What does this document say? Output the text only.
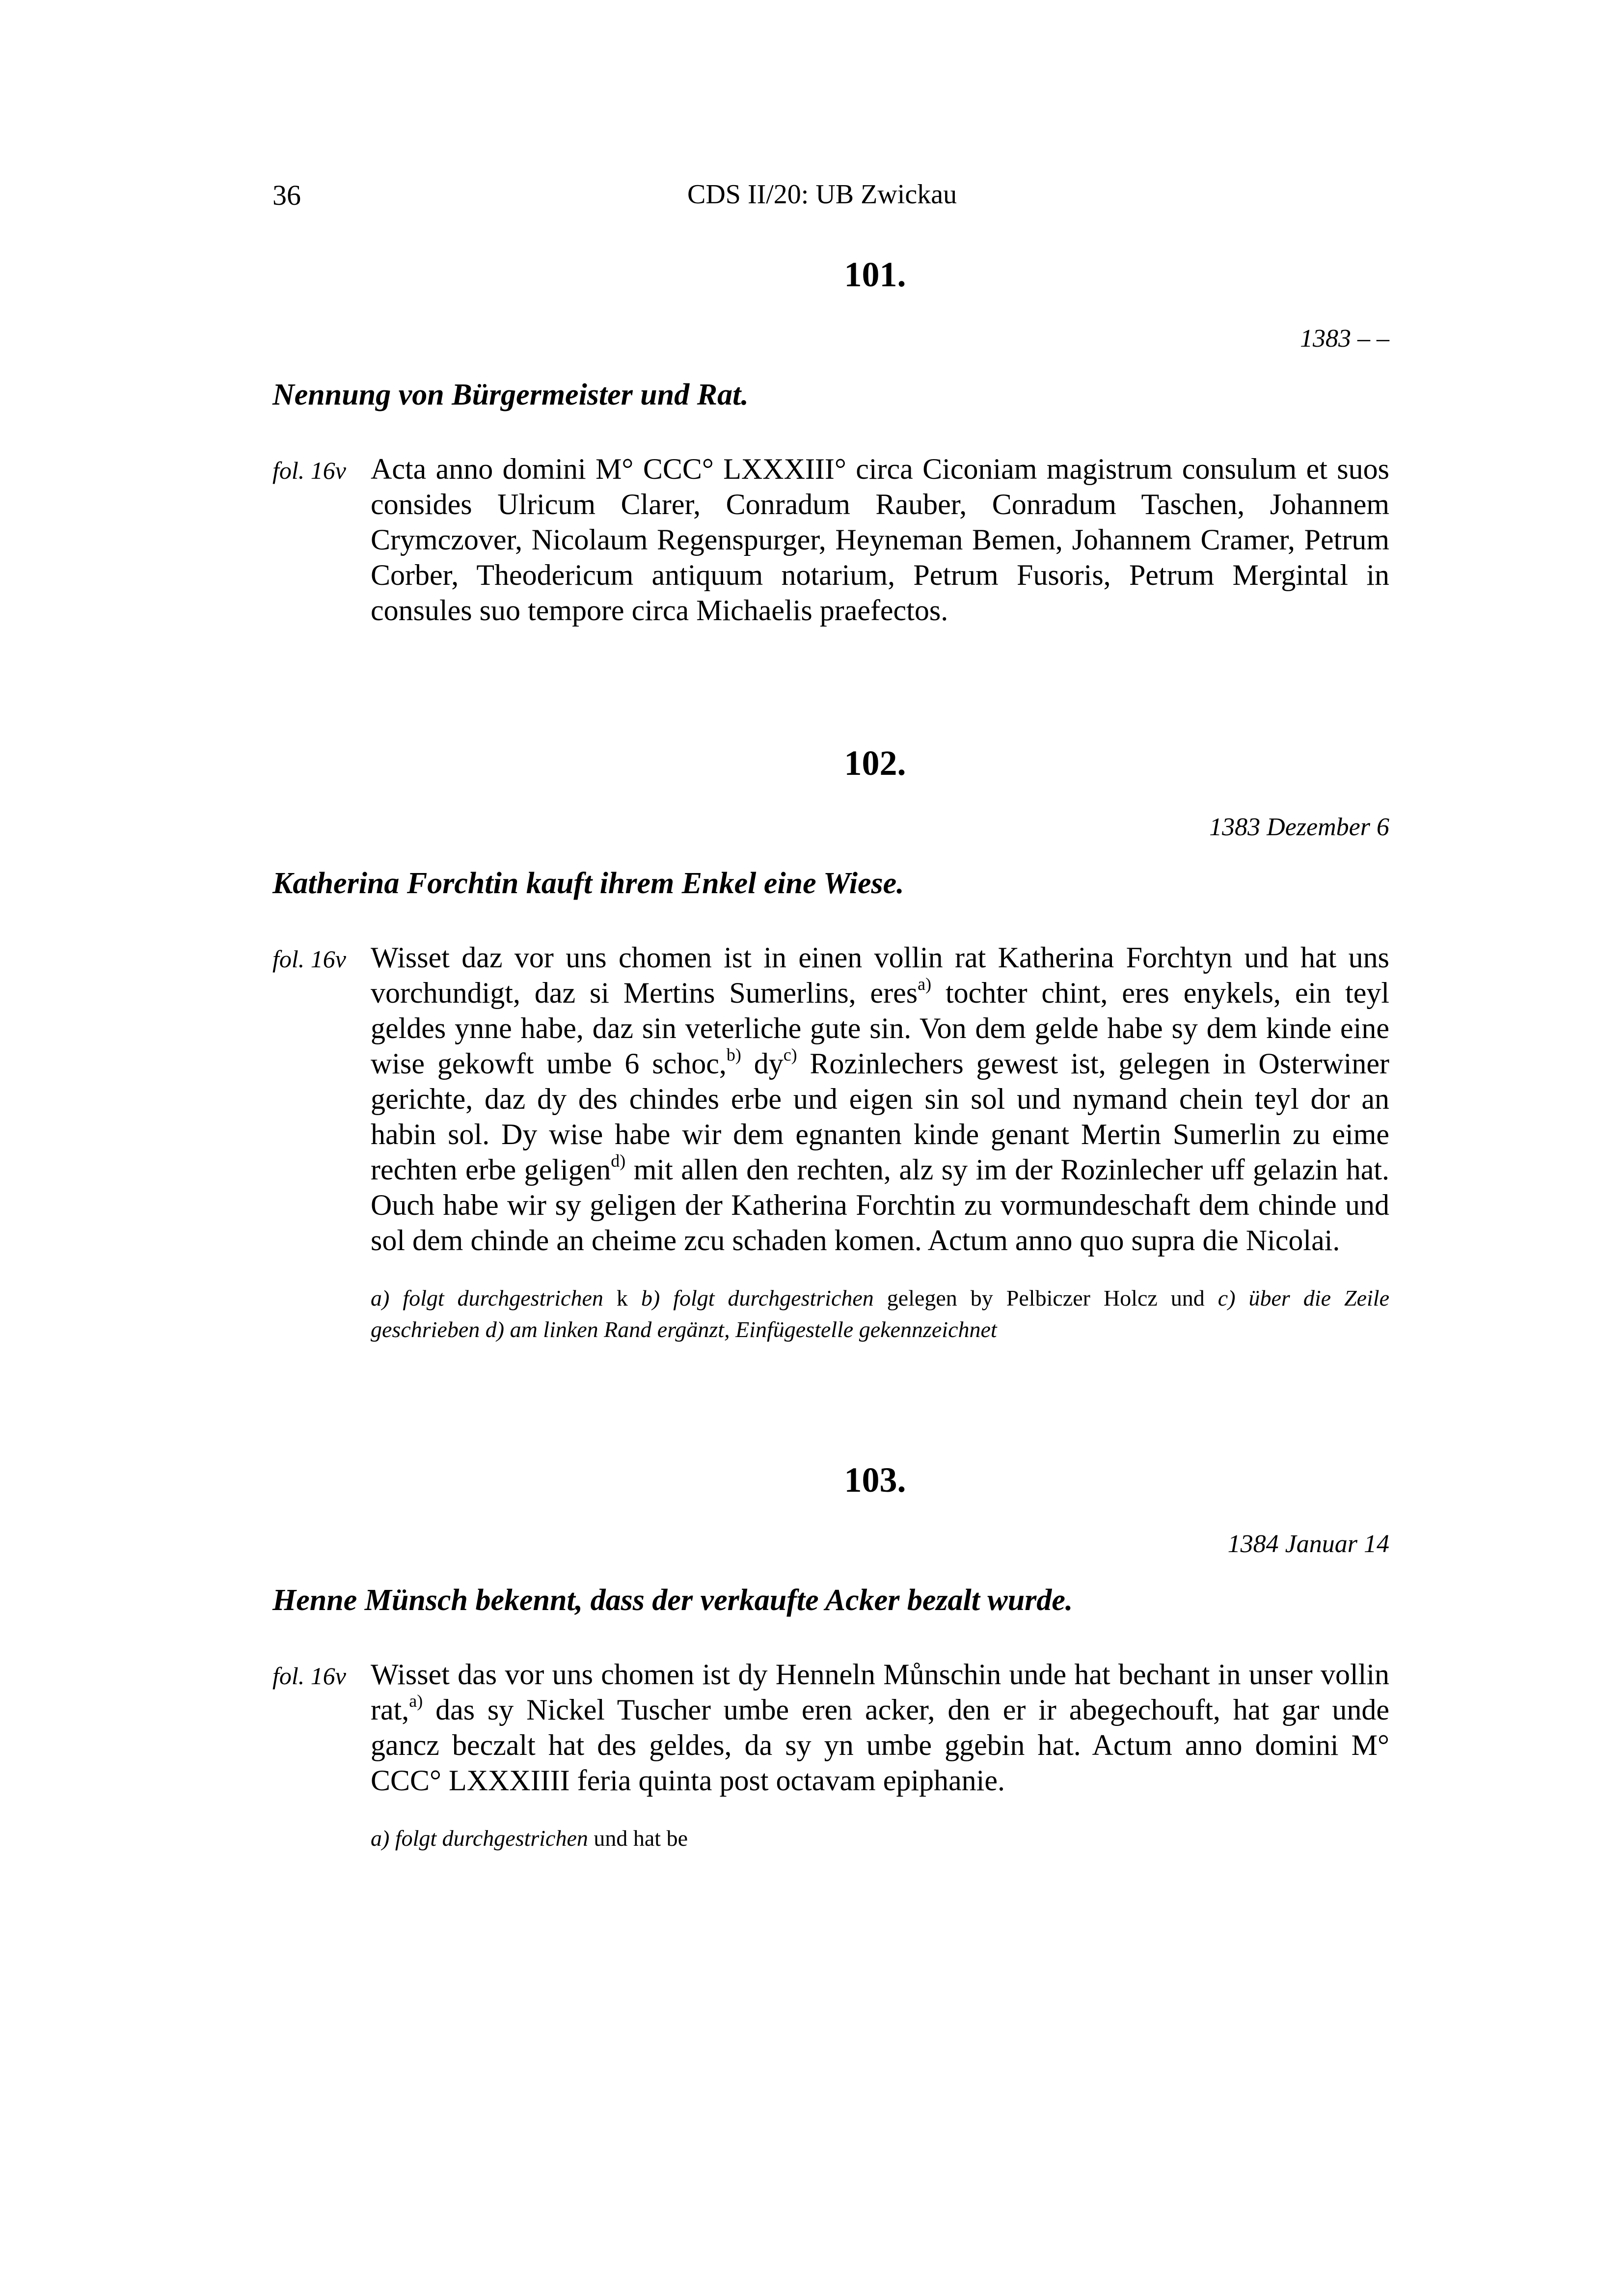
36	CDS II/20: UB Zwickau
101.
1383 – –
Nennung von Bürgermeister und Rat.
fol. 16v Acta anno domini M° CCC° LXXXIII° circa Ciconiam magistrum consulum et suos consides Ulricum Clarer, Conradum Rauber, Conradum Taschen, Johannem Crymczover, Nicolaum Regenspurger, Heyneman Bemen, Johannem Cramer, Petrum Corber, Theodericum antiquum notarium, Petrum Fusoris, Petrum Mergintal in consules suo tempore circa Michaelis praefectos.
102.
1383 Dezember 6
Katherina Forchtin kauft ihrem Enkel eine Wiese.
fol. 16v Wisset daz vor uns chomen ist in einen vollin rat Katherina Forchtyn und hat uns vorchundigt, daz si Mertins Sumerlins, eres$^{a)}$ tochter chint, eres enykels, ein teyl geldes ynne habe, daz sin veterliche gute sin. Von dem gelde habe sy dem kinde eine wise gekowft umbe 6 schoc,$^{b)}$ $dy^{c)}$ Rozinlechers gewest ist, gelegen in Osterwiner gerichte, daz dy des chindes erbe und eigen sin sol und nymand chein teyl dor an habin sol. Dy wise habe wir dem egnanten kinde genant Mertin Sumerlin zu eime rechten erbe geligen$^{d)}$ mit allen den rechten, alz sy im der Rozinlecher uff gelazin hat. Ouch habe wir sy geligen der Katherina Forchtin zu vormundeschaft dem chinde und sol dem chinde an cheime zcu schaden komen. Actum anno quo supra die Nicolai.
a) folgt durchgestrichen k b) folgt durchgestrichen gelegen by Pelbiczer Holcz und c) über die Zeile geschrieben d) am linken Rand ergänzt, Einfügestelle gekennzeichnet
103.
1384 Januar 14
Henne Münsch bekennt, dass der verkaufte Acker bezalt wurde.
fol. 16v Wisset das vor uns chomen ist dy Henneln Můnschin unde hat bechant in unser vollin rat,$^{a)}$ das sy Nickel Tuscher umbe eren acker, den er ir abegechouft, hat gar unde gancz beczalt hat des geldes, da sy yn umbe ggebin hat. Actum anno domini M° CCC° LXXXIIII feria quinta post octavam epiphanie.
a) folgt durchgestrichen und hat be
